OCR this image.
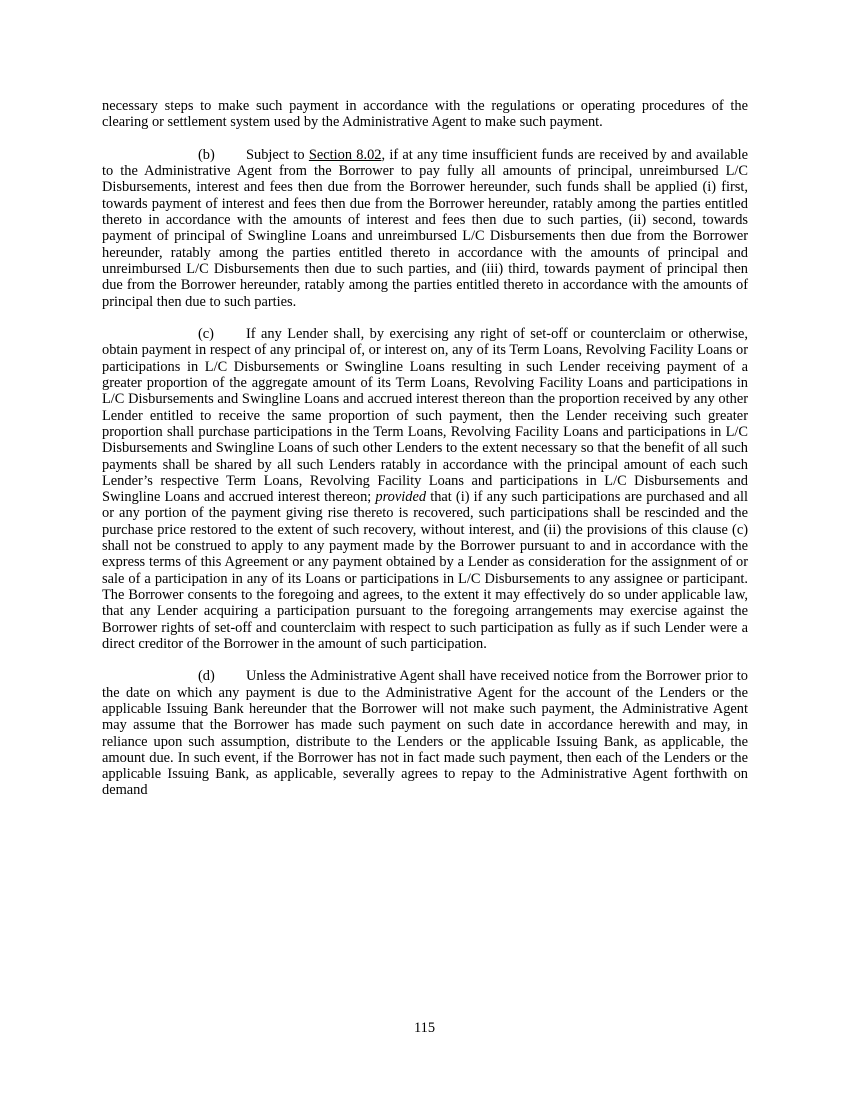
necessary steps to make such payment in accordance with the regulations or operating procedures of the clearing or settlement system used by the Administrative Agent to make such payment.

(b) Subject to Section 8.02, if at any time insufficient funds are received by and available to the Administrative Agent from the Borrower to pay fully all amounts of principal, unreimbursed L/C Disbursements, interest and fees then due from the Borrower hereunder, such funds shall be applied (i) first, towards payment of interest and fees then due from the Borrower hereunder, ratably among the parties entitled thereto in accordance with the amounts of interest and fees then due to such parties, (ii) second, towards payment of principal of Swingline Loans and unreimbursed L/C Disbursements then due from the Borrower hereunder, ratably among the parties entitled thereto in accordance with the amounts of principal and unreimbursed L/C Disbursements then due to such parties, and (iii) third, towards payment of principal then due from the Borrower hereunder, ratably among the parties entitled thereto in accordance with the amounts of principal then due to such parties.

(c) If any Lender shall, by exercising any right of set-off or counterclaim or otherwise, obtain payment in respect of any principal of, or interest on, any of its Term Loans, Revolving Facility Loans or participations in L/C Disbursements or Swingline Loans resulting in such Lender receiving payment of a greater proportion of the aggregate amount of its Term Loans, Revolving Facility Loans and participations in L/C Disbursements and Swingline Loans and accrued interest thereon than the proportion received by any other Lender entitled to receive the same proportion of such payment, then the Lender receiving such greater proportion shall purchase participations in the Term Loans, Revolving Facility Loans and participations in L/C Disbursements and Swingline Loans of such other Lenders to the extent necessary so that the benefit of all such payments shall be shared by all such Lenders ratably in accordance with the principal amount of each such Lender’s respective Term Loans, Revolving Facility Loans and participations in L/C Disbursements and Swingline Loans and accrued interest thereon; provided that (i) if any such participations are purchased and all or any portion of the payment giving rise thereto is recovered, such participations shall be rescinded and the purchase price restored to the extent of such recovery, without interest, and (ii) the provisions of this clause (c) shall not be construed to apply to any payment made by the Borrower pursuant to and in accordance with the express terms of this Agreement or any payment obtained by a Lender as consideration for the assignment of or sale of a participation in any of its Loans or participations in L/C Disbursements to any assignee or participant. The Borrower consents to the foregoing and agrees, to the extent it may effectively do so under applicable law, that any Lender acquiring a participation pursuant to the foregoing arrangements may exercise against the Borrower rights of set-off and counterclaim with respect to such participation as fully as if such Lender were a direct creditor of the Borrower in the amount of such participation.

(d) Unless the Administrative Agent shall have received notice from the Borrower prior to the date on which any payment is due to the Administrative Agent for the account of the Lenders or the applicable Issuing Bank hereunder that the Borrower will not make such payment, the Administrative Agent may assume that the Borrower has made such payment on such date in accordance herewith and may, in reliance upon such assumption, distribute to the Lenders or the applicable Issuing Bank, as applicable, the amount due. In such event, if the Borrower has not in fact made such payment, then each of the Lenders or the applicable Issuing Bank, as applicable, severally agrees to repay to the Administrative Agent forthwith on demand

115
